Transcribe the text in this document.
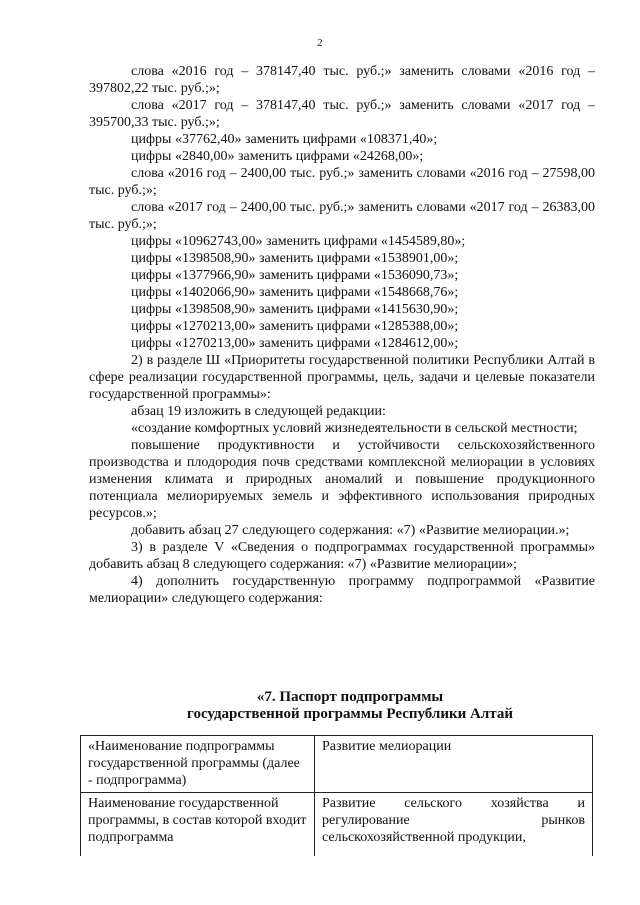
2

слова «2016 год – 378147,40 тыс. руб.;» заменить словами «2016 год – 397802,22 тыс. руб.;»;

слова «2017 год – 378147,40 тыс. руб.;» заменить словами «2017 год – 395700,33 тыс. руб.;»;

цифры «37762,40» заменить цифрами «108371,40»;

цифры «2840,00» заменить цифрами «24268,00»;

слова «2016 год – 2400,00 тыс. руб.;» заменить словами «2016 год – 27598,00 тыс. руб.;»;

слова «2017 год – 2400,00 тыс. руб.;» заменить словами «2017 год – 26383,00 тыс. руб.;»;

цифры «10962743,00» заменить цифрами «1454589,80»;

цифры «1398508,90» заменить цифрами «1538901,00»;

цифры «1377966,90» заменить цифрами «1536090,73»;

цифры «1402066,90» заменить цифрами «1548668,76»;

цифры «1398508,90» заменить цифрами «1415630,90»;

цифры «1270213,00» заменить цифрами «1285388,00»;

цифры «1270213,00» заменить цифрами «1284612,00»;

2) в разделе Ш «Приоритеты государственной политики Республики Алтай в сфере реализации государственной программы, цель, задачи и целевые показатели государственной программы»:

абзац 19 изложить в следующей редакции:

«создание комфортных условий жизнедеятельности в сельской местности;

повышение продуктивности и устойчивости сельскохозяйственного производства и плодородия почв средствами комплексной мелиорации в условиях изменения климата и природных аномалий и повышение продукционного потенциала мелиорируемых земель и эффективного использования природных ресурсов.»;

добавить абзац 27 следующего содержания: «7) «Развитие мелиорации.»;

3) в разделе V «Сведения о подпрограммах государственной программы» добавить абзац 8 следующего содержания: «7) «Развитие мелиорации»;

4) дополнить государственную программу подпрограммой «Развитие мелиорации» следующего содержания:

«7. Паспорт подпрограммы
государственной программы Республики Алтай
«Наименование подпрограммы государственной программы (далее - подпрограмма)	Развитие мелиорации
Наименование государственной программы, в состав которой входит подпрограмма	Развитие сельского хозяйства и регулирование рынков сельскохозяйственной продукции,
